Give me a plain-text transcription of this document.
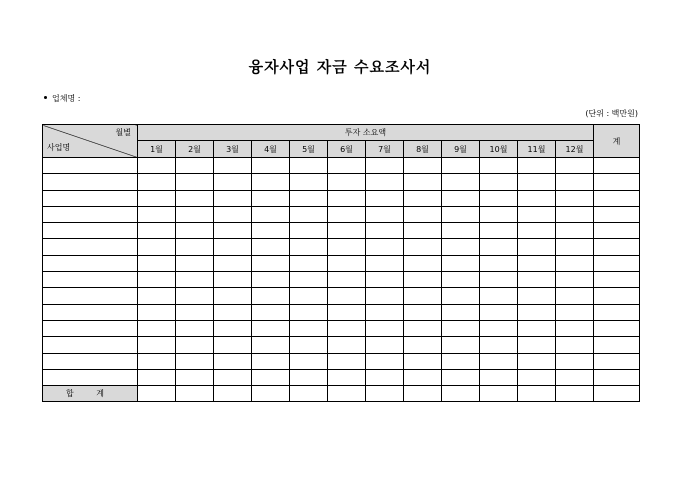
융자사업 자금 수요조사서
업체명 :
(단위 : 백만원)
월별
사업명	투자 소요액												계
	1월	2월	3월	4월	5월	6월	7월	8월	9월	10월	11월	12월	

합 계													
